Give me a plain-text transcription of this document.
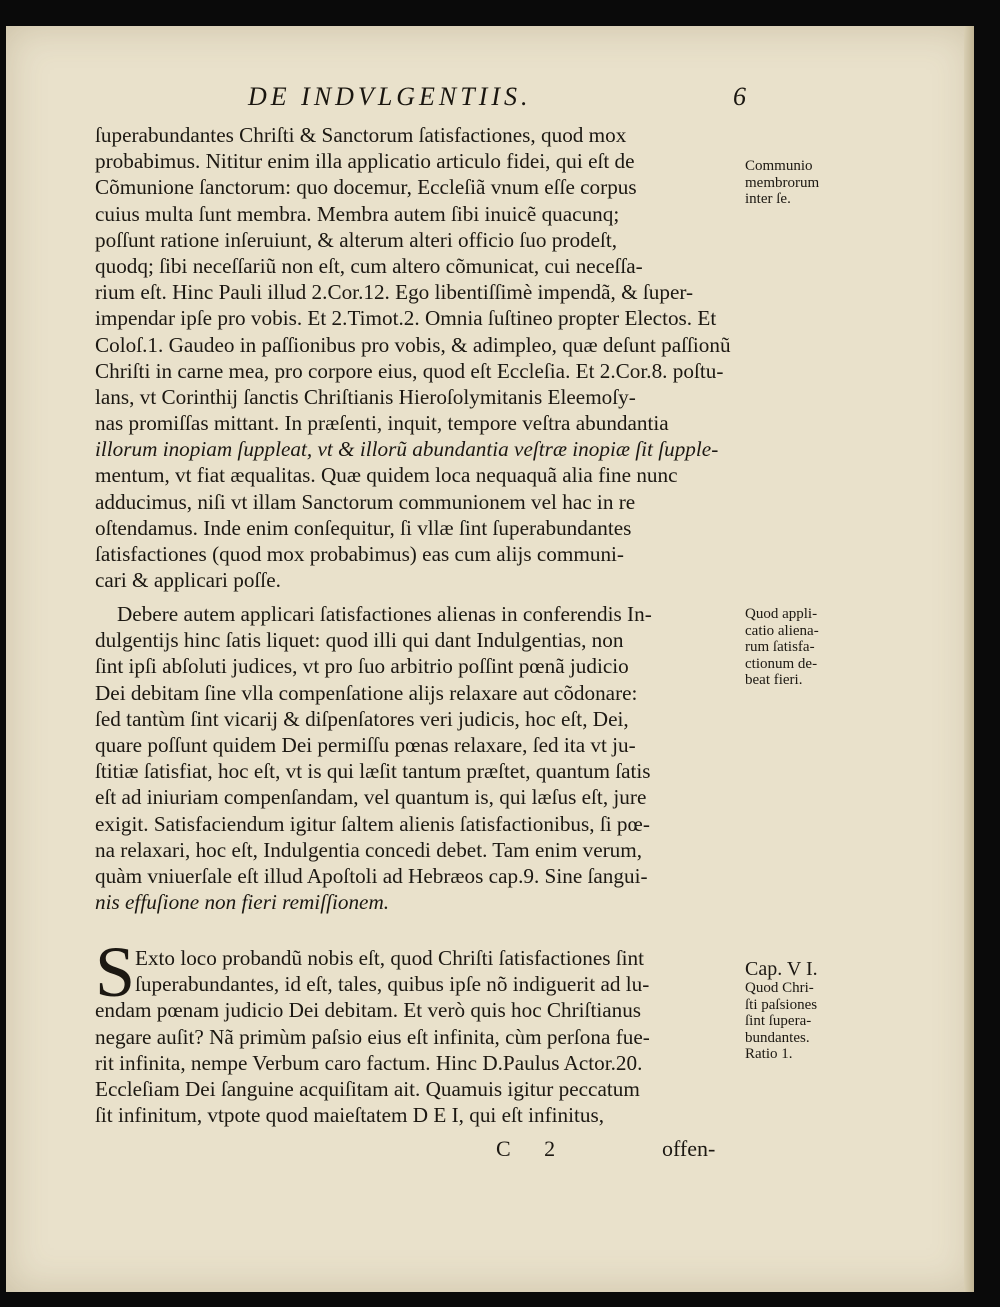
DE INDVLGENTIIS.	6
ſuperabundantes Chriſti & Sanctorum ſatisfactiones, quod mox
probabimus. Nititur enim illa applicatio articulo fidei, qui eſt de
Cõmunione ſanctorum: quo docemur, Eccleſiã vnum eſſe corpus
cuius multa ſunt membra. Membra autem ſibi inuicẽ quacunq;
poſſunt ratione inſeruiunt, & alterum alteri officio ſuo prodeſt,
quodq; ſibi neceſſariũ non eſt, cum altero cõmunicat, cui neceſſa-
rium eſt. Hinc Pauli illud 2.Cor.12. Ego libentiſſimè impendã, & ſuper-
impendar ipſe pro vobis. Et 2.Timot.2. Omnia ſuſtineo propter Electos. Et
Coloſ.1. Gaudeo in paſſionibus pro vobis, & adimpleo, quæ deſunt paſſionũ
Chriſti in carne mea, pro corpore eius, quod eſt Eccleſia. Et 2.Cor.8. poſtu-
lans, vt Corinthij ſanctis Chriſtianis Hieroſolymitanis Eleemoſy-
nas promiſſas mittant. In præſenti, inquit, tempore veſtra abundantia
illorum inopiam ſuppleat, vt & illorũ abundantia veſtræ inopiæ ſit ſupple-
mentum, vt fiat æqualitas. Quæ quidem loca nequaquã alia fine nunc
adducimus, niſi vt illam Sanctorum communionem vel hac in re
oſtendamus. Inde enim conſequitur, ſi vllæ ſint ſuperabundantes
ſatisfactiones (quod mox probabimus) eas cum alijs communi-
cari & applicari poſſe.
Debere autem applicari ſatisfactiones alienas in conferendis In-
dulgentijs hinc ſatis liquet: quod illi qui dant Indulgentias, non
ſint ipſi abſoluti judices, vt pro ſuo arbitrio poſſint pœnã judicio
Dei debitam ſine vlla compenſatione alijs relaxare aut cõdonare:
ſed tantùm ſint vicarij & diſpenſatores veri judicis, hoc eſt, Dei,
quare poſſunt quidem Dei permiſſu pœnas relaxare, ſed ita vt ju-
ſtitiæ ſatisfiat, hoc eſt, vt is qui læſit tantum præſtet, quantum ſatis
eſt ad iniuriam compenſandam, vel quantum is, qui læſus eſt, jure
exigit. Satisfaciendum igitur ſaltem alienis ſatisfactionibus, ſi pœ-
na relaxari, hoc eſt, Indulgentia concedi debet. Tam enim verum,
quàm vniuerſale eſt illud Apoſtoli ad Hebræos cap.9. Sine ſangui-
nis effuſione non fieri remiſſionem.
S Exto loco probandũ nobis eſt, quod Chriſti ſatisfactiones ſint
ſuperabundantes, id eſt, tales, quibus ipſe nõ indiguerit ad lu-
endam pœnam judicio Dei debitam. Et verò quis hoc Chriſtianus
negare auſit? Nã primùm paſsio eius eſt infinita, cùm perſona fue-
rit infinita, nempe Verbum caro factum. Hinc D.Paulus Actor.20.
Eccleſiam Dei ſanguine acquiſitam ait. Quamuis igitur peccatum
ſit infinitum, vtpote quod maieſtatem D E I, qui eſt infinitus,
C 2	offen-
Communio
membrorum
inter ſe.
Quod appli-
catio aliena-
rum ſatisfa-
ctionum de-
beat fieri.
Cap. V I.
Quod Chri-
ſti paſsiones
ſint ſupera-
bundantes.
Ratio 1.
